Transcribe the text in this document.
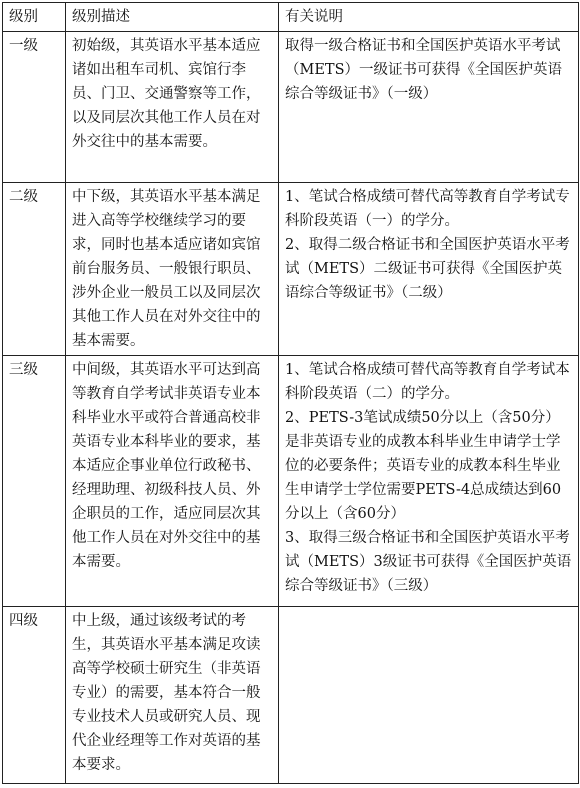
级别	级别描述	有关说明
一级	初始级，其英语水平基本适应诸如出租车司机、宾馆行李员、门卫、交通警察等工作，以及同层次其他工作人员在对外交往中的基本需要。	取得一级合格证书和全国医护英语水平考试（METS）一级证书可获得《全国医护英语综合等级证书》（一级）

二级	中下级，其英语水平基本满足进入高等学校继续学习的要求，同时也基本适应诸如宾馆前台服务员、一般银行职员、涉外企业一般员工以及同层次其他工作人员在对外交往中的基本需要。	1、笔试合格成绩可替代高等教育自学考试专科阶段英语（一）的学分。
2、取得二级合格证书和全国医护英语水平考试（METS）二级证书可获得《全国医护英语综合等级证书》（二级）

三级	中间级，其英语水平可达到高等教育自学考试非英语专业本科毕业水平或符合普通高校非英语专业本科毕业的要求，基本适应企事业单位行政秘书、经理助理、初级科技人员、外企职员的工作，适应同层次其他工作人员在对外交往中的基本需要。	1、笔试合格成绩可替代高等教育自学考试本科阶段英语（二）的学分。
2、PETS-3笔试成绩50分以上（含50分）是非英语专业的成教本科毕业生申请学士学位的必要条件；英语专业的成教本科生毕业生申请学士学位需要PETS-4总成绩达到60分以上（含60分）
3、取得三级合格证书和全国医护英语水平考试（METS）3级证书可获得《全国医护英语综合等级证书》（三级）

四级	中上级，通过该级考试的考生，其英语水平基本满足攻读高等学校硕士研究生（非英语专业）的需要，基本符合一般专业技术人员或研究人员、现代企业经理等工作对英语的基本要求。	
